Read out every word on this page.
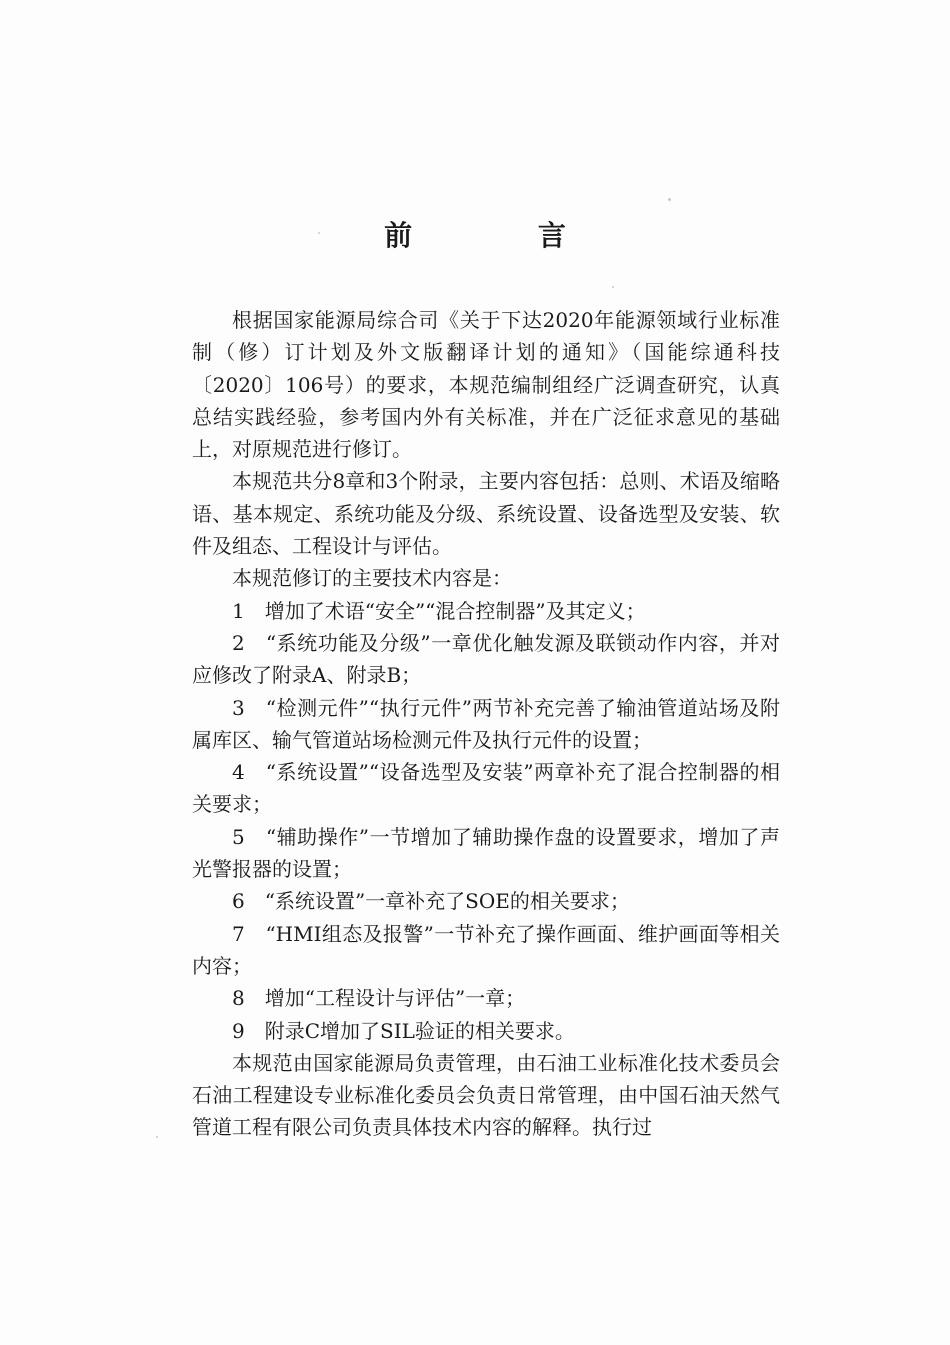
前 言

根据国家能源局综合司《关于下达2020年能源领域行业标准制（修）订计划及外文版翻译计划的通知》（国能综通科技〔2020〕106号）的要求，本规范编制组经广泛调查研究，认真总结实践经验，参考国内外有关标准，并在广泛征求意见的基础上，对原规范进行修订。

本规范共分8章和3个附录，主要内容包括：总则、术语及缩略语、基本规定、系统功能及分级、系统设置、设备选型及安装、软件及组态、工程设计与评估。

本规范修订的主要技术内容是：

1　增加了术语“安全”“混合控制器”及其定义；

2　“系统功能及分级”一章优化触发源及联锁动作内容，并对应修改了附录A、附录B；

3　“检测元件”“执行元件”两节补充完善了输油管道站场及附属库区、输气管道站场检测元件及执行元件的设置；

4　“系统设置”“设备选型及安装”两章补充了混合控制器的相关要求；

5　“辅助操作”一节增加了辅助操作盘的设置要求，增加了声光警报器的设置；

6　“系统设置”一章补充了SOE的相关要求；

7　“HMI组态及报警”一节补充了操作画面、维护画面等相关内容；

8　增加“工程设计与评估”一章；

9　附录C增加了SIL验证的相关要求。

本规范由国家能源局负责管理，由石油工业标准化技术委员会石油工程建设专业标准化委员会负责日常管理，由中国石油天然气管道工程有限公司负责具体技术内容的解释。执行过
